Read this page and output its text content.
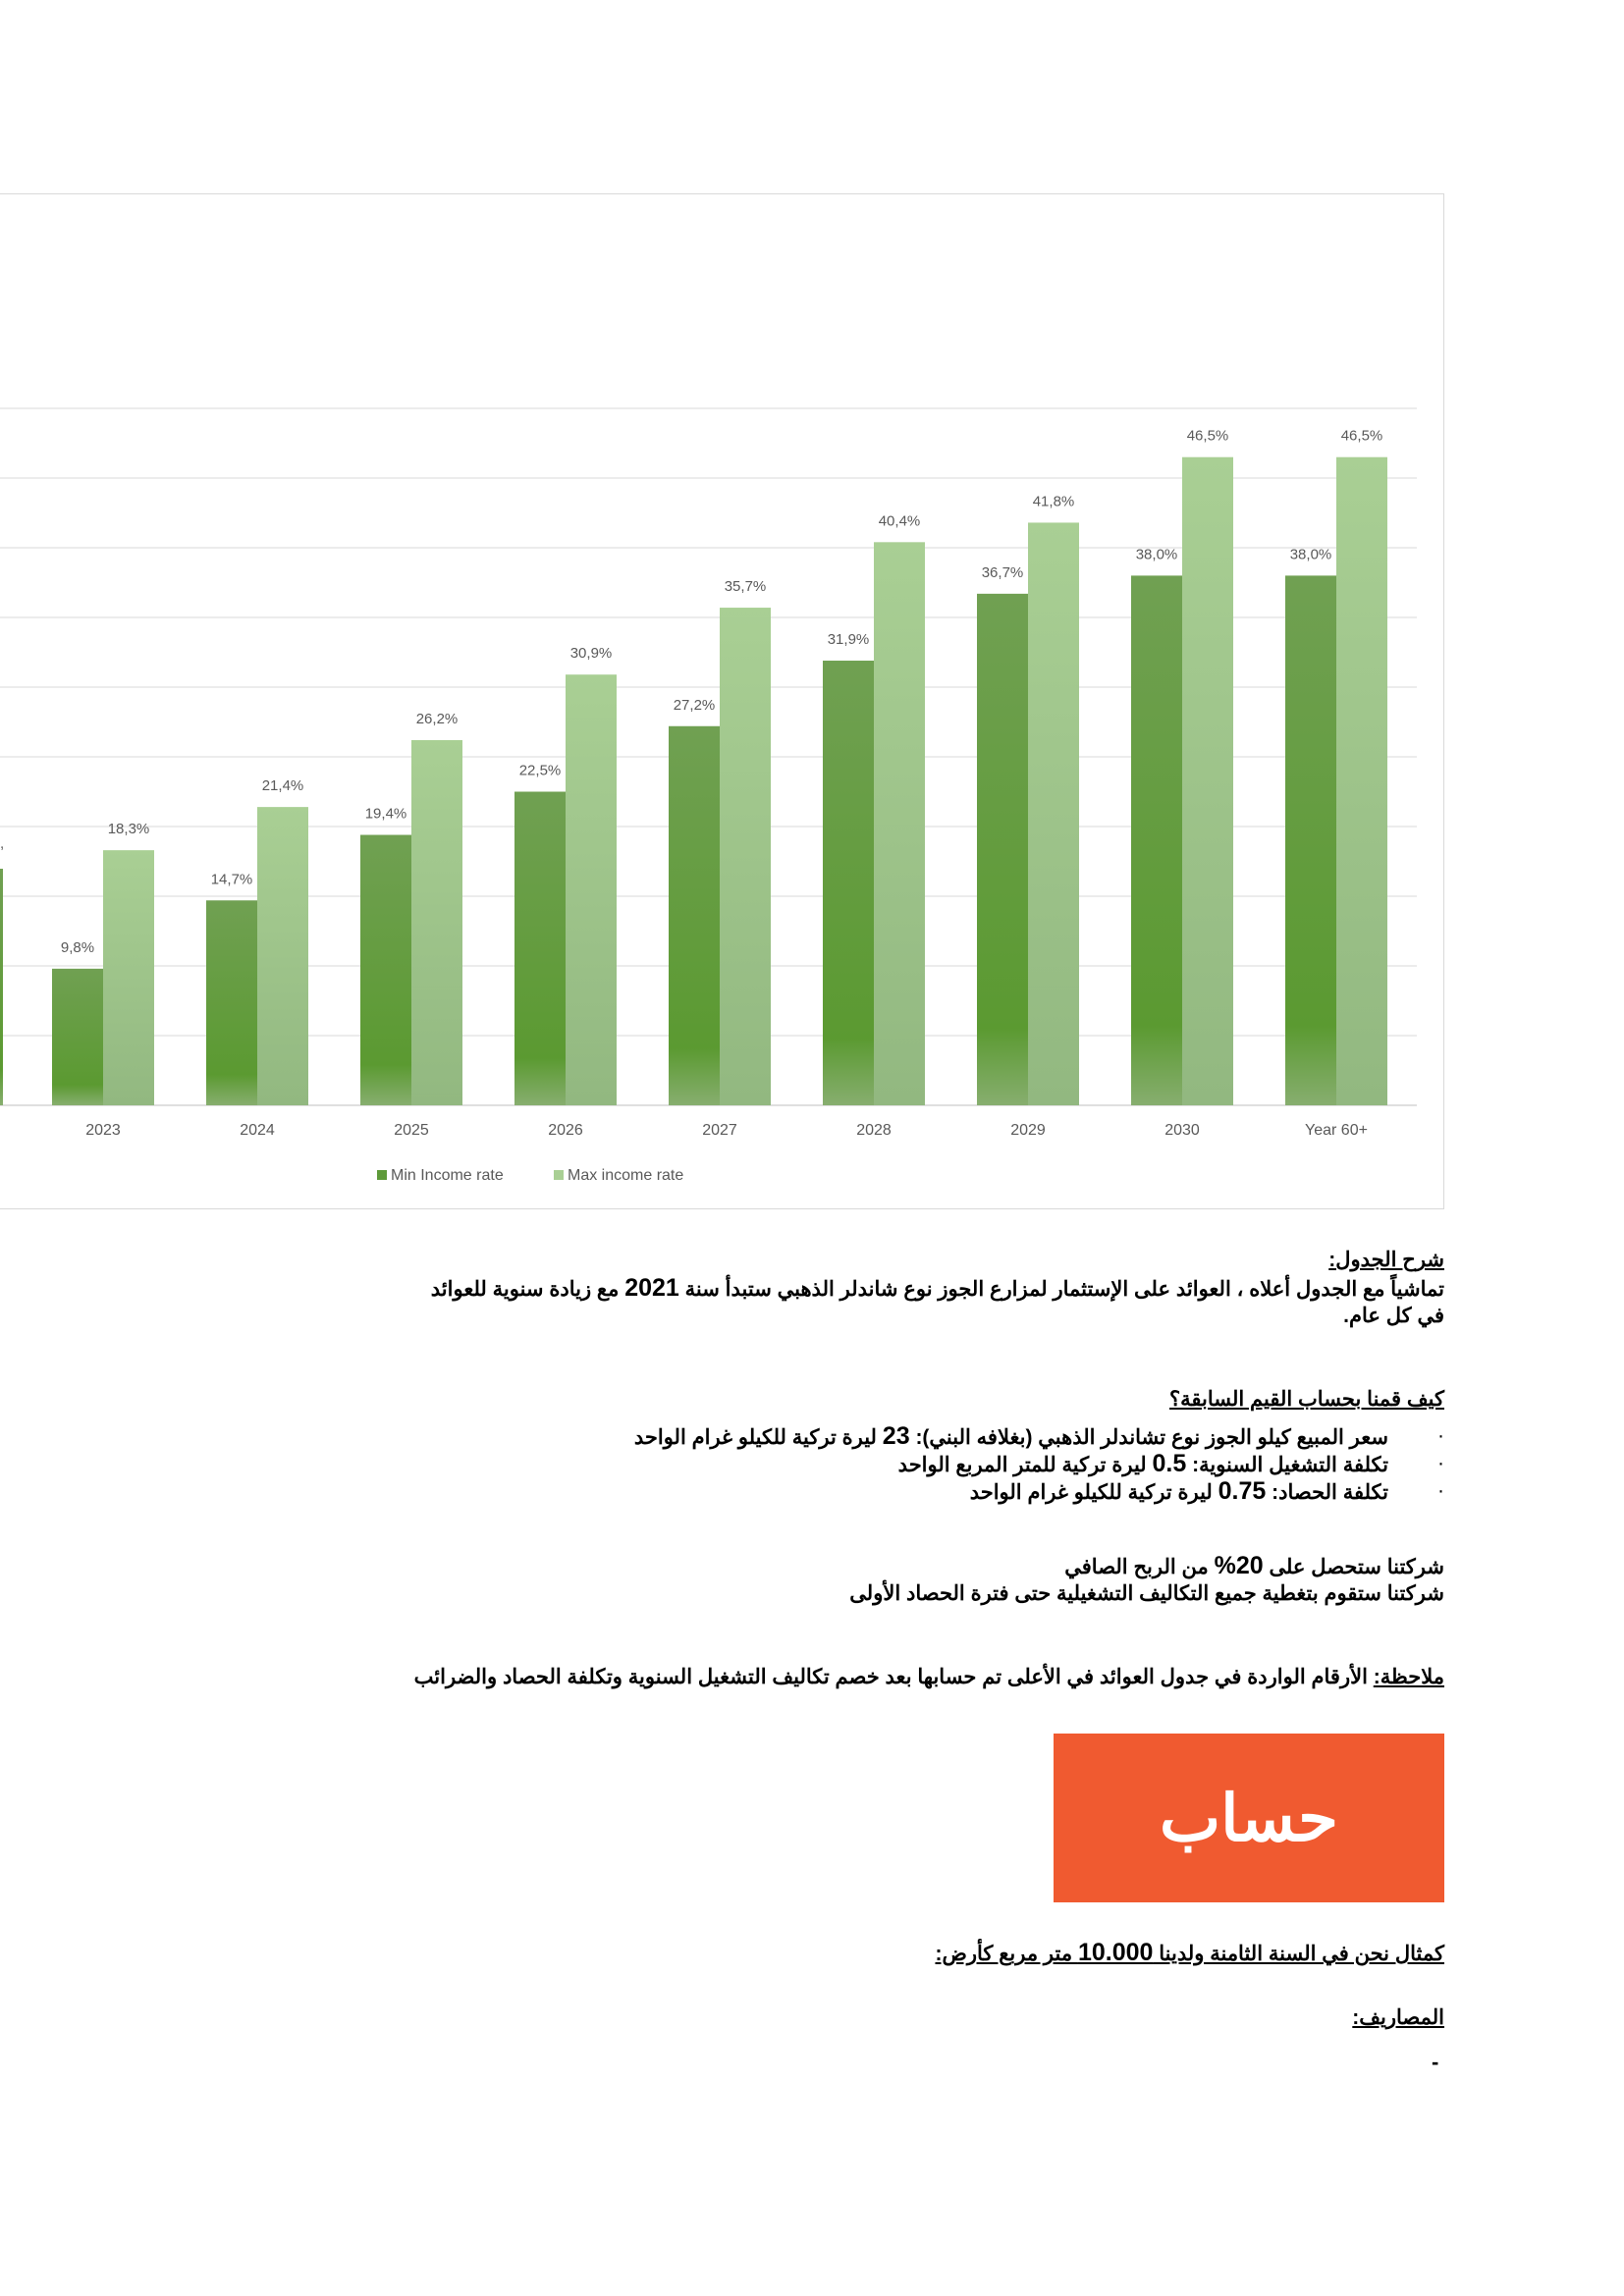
,
9,8%
18,3%
14,7%
21,4%
19,4%
26,2%
22,5%
30,9%
27,2%
35,7%
31,9%
40,4%
36,7%
41,8%
38,0%
46,5%
38,0%
46,5%
2023	2024	2025	2026	2027	2028	2029	2030	Year 60+
Min Income rate	Max income rate
شرح الجدول:
تماشياً مع الجدول أعلاه ، العوائد على الإستثمار لمزارع الجوز نوع شاندلر الذهبي ستبدأ سنة 2021 مع زيادة سنوية للعوائد
في كل عام.
كيف قمنا بحساب القيم السابقة؟
·
سعر المبيع كيلو الجوز نوع تشاندلر الذهبي (بغلافه البني): 23 ليرة تركية للكيلو غرام الواحد
·
تكلفة التشغيل السنوية: 0.5 ليرة تركية للمتر المربع الواحد
·
تكلفة الحصاد: 0.75 ليرة تركية للكيلو غرام الواحد
شركتنا ستحصل على 20% من الربح الصافي
شركتنا ستقوم بتغطية جميع التكاليف التشغيلية حتى فترة الحصاد الأولى
ملاحظة: الأرقام الواردة في جدول العوائد في الأعلى تم حسابها بعد خصم تكاليف التشغيل السنوية وتكلفة الحصاد والضرائب
حساب
كمثال نحن في السنة الثامنة ولدينا 10.000 متر مربع كأرض:
المصاريف:
-
